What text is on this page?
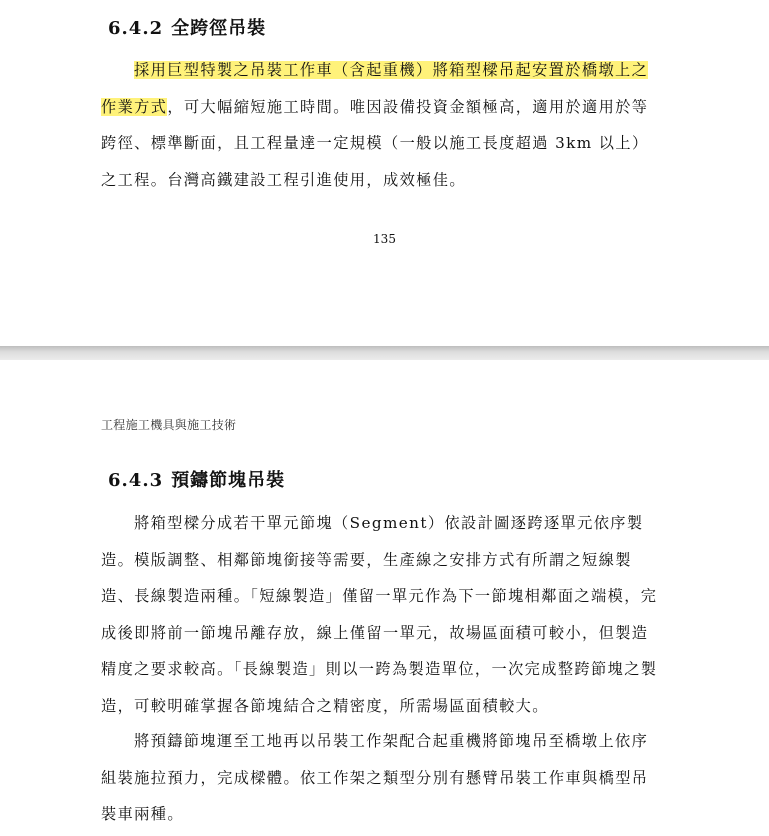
6.4.2 全跨徑吊裝

採用巨型特製之吊裝工作車（含起重機）將箱型樑吊起安置於橋墩上之作業方式，可大幅縮短施工時間。唯因設備投資金額極高，適用於適用於等跨徑、標準斷面，且工程量達一定規模（一般以施工長度超過 3km 以上）之工程。台灣高鐵建設工程引進使用，成效極佳。

135
工程施工機具與施工技術
6.4.3 預鑄節塊吊裝

將箱型樑分成若干單元節塊（Segment）依設計圖逐跨逐單元依序製造。模版調整、相鄰節塊銜接等需要，生產線之安排方式有所謂之短線製造、長線製造兩種。「短線製造」僅留一單元作為下一節塊相鄰面之端模，完成後即將前一節塊吊離存放，線上僅留一單元，故場區面積可較小，但製造精度之要求較高。「長線製造」則以一跨為製造單位，一次完成整跨節塊之製造，可較明確掌握各節塊結合之精密度，所需場區面積較大。

將預鑄節塊運至工地再以吊裝工作架配合起重機將節塊吊至橋墩上依序組裝施拉預力，完成樑體。依工作架之類型分別有懸臂吊裝工作車與橋型吊裝車兩種。
